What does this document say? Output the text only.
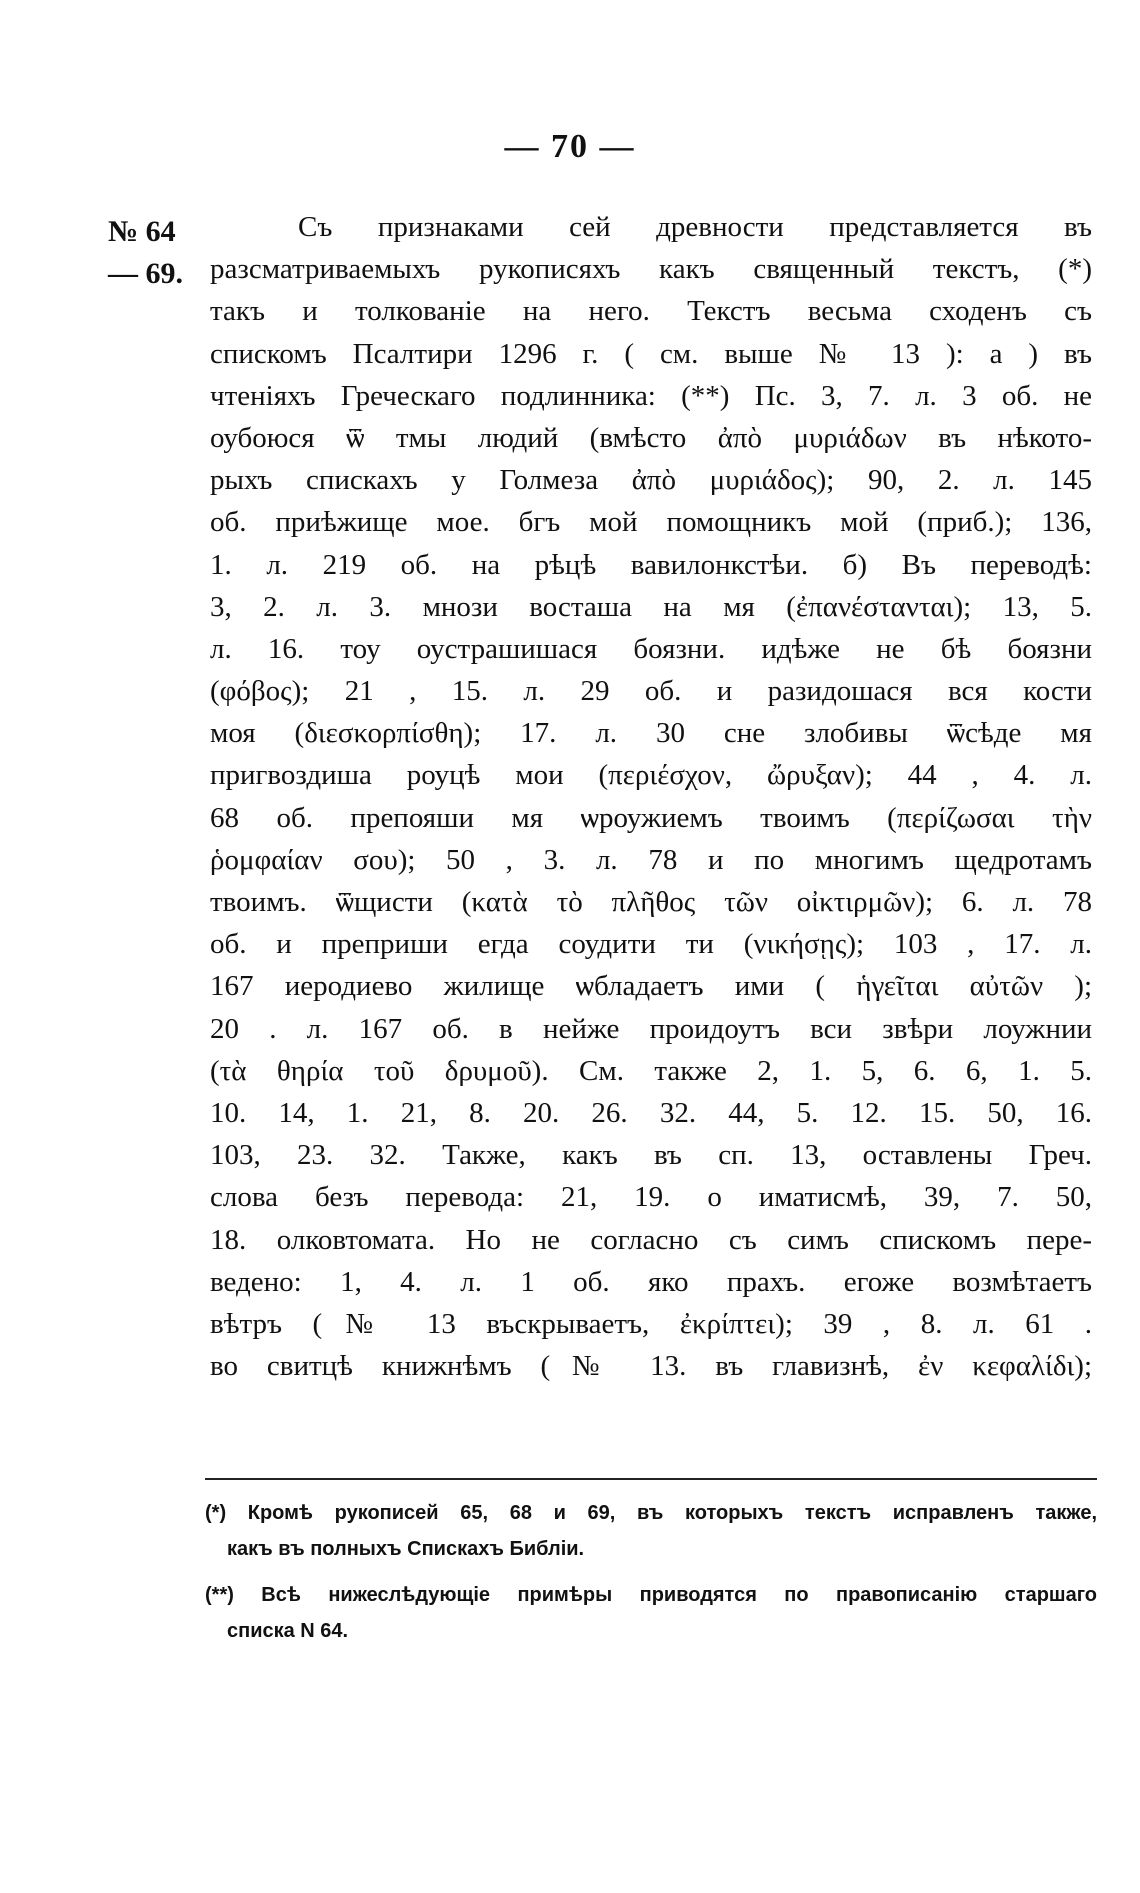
— 70 —
№ 64
— 69.
Съ признаками сей древности представляется въ
разсматриваемыхъ рукописяхъ какъ священный текстъ, (*)
такъ и толкованіе на него. Текстъ весьма сходенъ съ
спискомъ Псалтири 1296 г. ( см. выше № 13 ): а ) въ
чтеніяхъ Греческаго подлинника: (**) Пс. 3, 7. л. 3 об. не
оубоюся ѿ тмы людий (вмѣсто ἀπὸ μυριάδων въ нѣкото-
рыхъ спискахъ у Голмеза ἀπὸ μυριάδος); 90, 2. л. 145
об. приѣжище мое. бгъ мой помощникъ мой (приб.); 136,
1. л. 219 об. на рѣцѣ вавилонкстѣи. б) Въ переводѣ:
3, 2. л. 3. мнози восташа на мя (ἐπανέστανται); 13, 5.
л. 16. тоу оустрашишася боязни. идѣже не бѣ боязни
(φόβος); 21 , 15. л. 29 об. и разидошася вся кости
моя (διεσκορπίσθη); 17. л. 30 сне злобивы ѿсѣде мя
пригвоздиша роуцѣ мои (περιέσχον, ὤρυξαν); 44 , 4. л.
68 об. препояши мя ѡроужиемъ твоимъ (περίζωσαι τὴν
ῥομφαίαν σου); 50 , 3. л. 78 и по многимъ щедротамъ
твоимъ. ѿщисти (κατὰ τὸ πλῆθος τῶν οἰκτιρμῶν); 6. л. 78
об. и преприши егда соудити ти (νικήσῃς); 103 , 17. л.
167 иеродиево жилище ѡбладаетъ ими ( ἡγεῖται αὐτῶν );
20 . л. 167 об. в нейже проидоутъ вси звѣри лоужнии
(τὰ θηρία τοῦ δρυμοῦ). См. также 2, 1. 5, 6. 6, 1. 5.
10. 14, 1. 21, 8. 20. 26. 32. 44, 5. 12. 15. 50, 16.
103, 23. 32. Также, какъ въ сп. 13, оставлены Греч.
слова безъ перевода: 21, 19. о иматисмѣ, 39, 7. 50,
18. олковтомата. Но не согласно съ симъ спискомъ пере-
ведено: 1, 4. л. 1 об. яко прахъ. егоже возмѣтаетъ
вѣтръ (№ 13 въскрываетъ, ἐκρίπτει); 39 , 8. л. 61 .
во свитцѣ книжнѣмъ (№ 13. въ главизнѣ, ἐν κεφαλίδι);
(*) Кромѣ рукописей 65, 68 и 69, въ которыхъ текстъ исправленъ также,
какъ въ полныхъ Спискахъ Библіи.
(**) Всѣ нижеслѣдующіе примѣры приводятся по правописанію старшаго
списка N 64.
